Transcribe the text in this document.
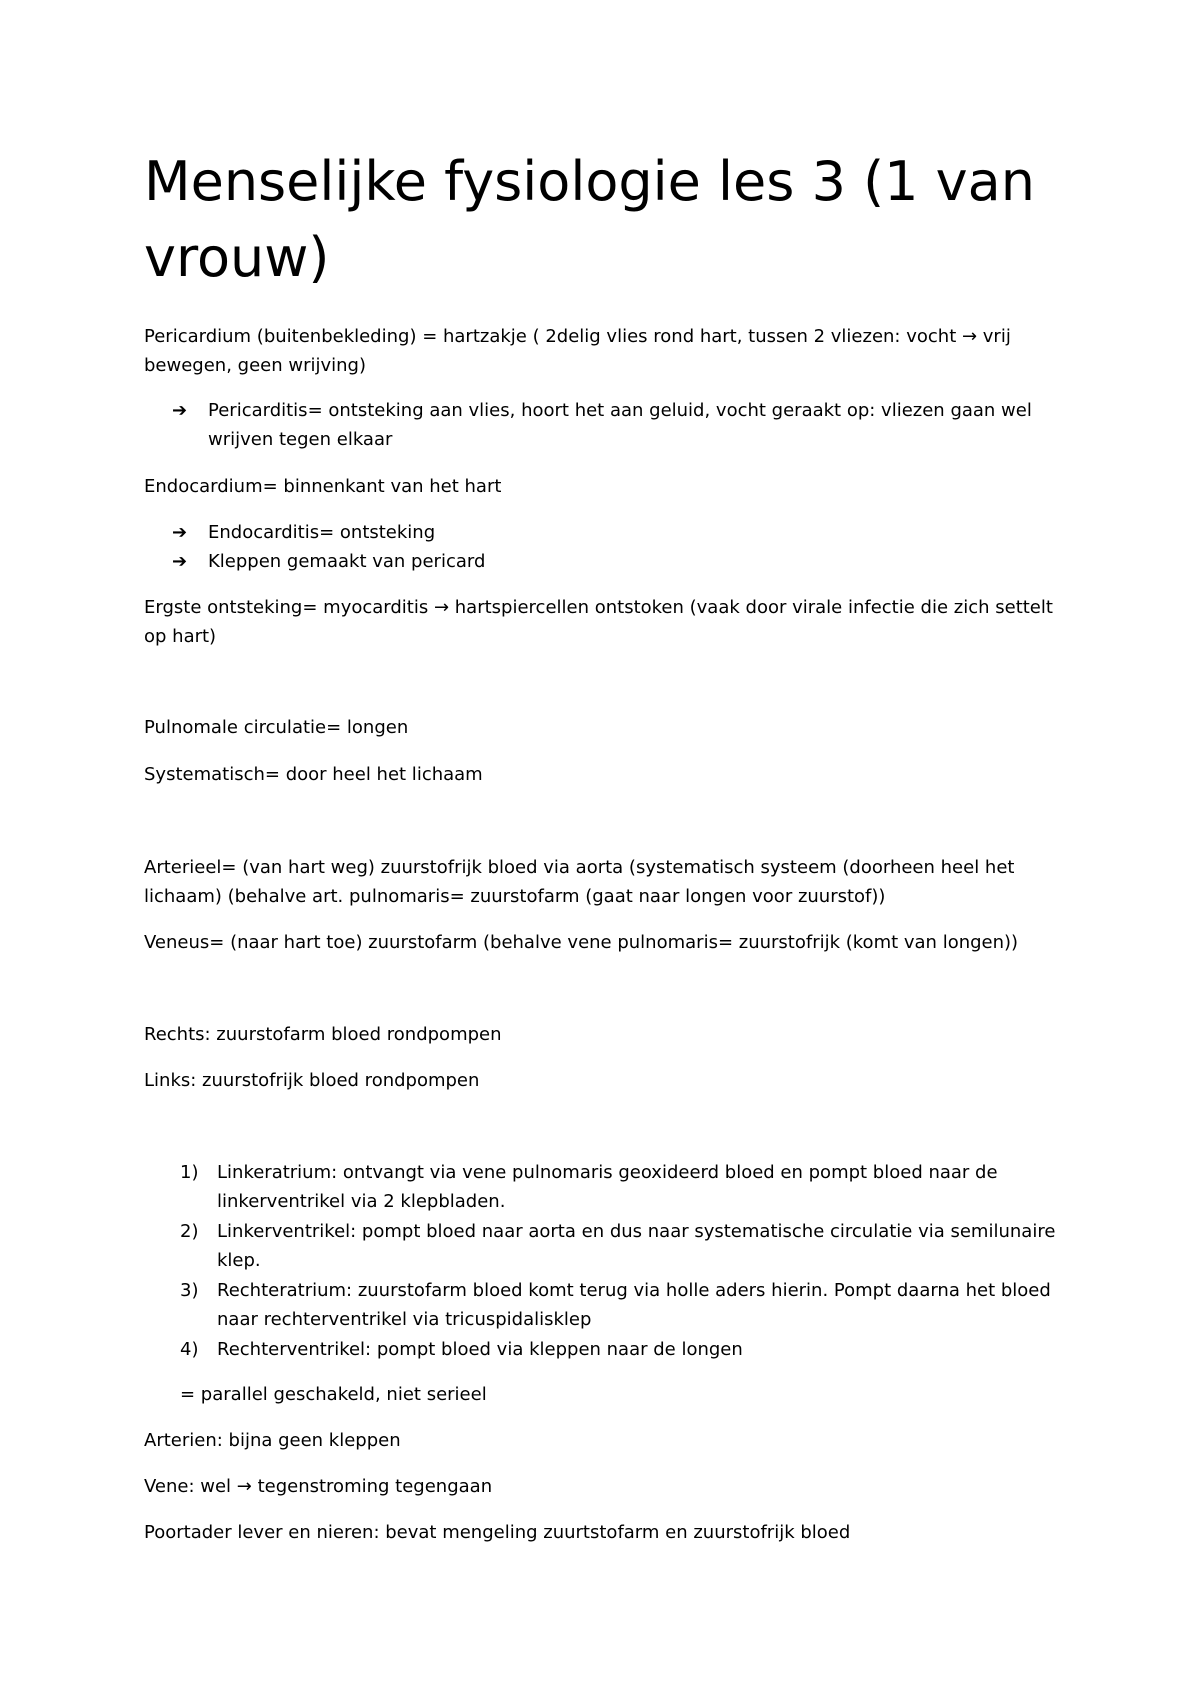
Menselijke fysiologie les 3 (1 van vrouw)

Pericardium (buitenbekleding) = hartzakje ( 2delig vlies rond hart, tussen 2 vliezen: vocht → vrij bewegen, geen wrijving)

➔ Pericarditis= ontsteking aan vlies, hoort het aan geluid, vocht geraakt op: vliezen gaan wel wrijven tegen elkaar

Endocardium= binnenkant van het hart

➔ Endocarditis= ontsteking
➔ Kleppen gemaakt van pericard

Ergste ontsteking= myocarditis → hartspiercellen ontstoken (vaak door virale infectie die zich settelt op hart)

Pulnomale circulatie= longen

Systematisch= door heel het lichaam

Arterieel= (van hart weg) zuurstofrijk bloed via aorta (systematisch systeem (doorheen heel het lichaam) (behalve art. pulnomaris= zuurstofarm (gaat naar longen voor zuurstof))

Veneus= (naar hart toe) zuurstofarm (behalve vene pulnomaris= zuurstofrijk (komt van longen))

Rechts: zuurstofarm bloed rondpompen

Links: zuurstofrijk bloed rondpompen

1) Linkeratrium: ontvangt via vene pulnomaris geoxideerd bloed en pompt bloed naar de linkerventrikel via 2 klepbladen.
2) Linkerventrikel: pompt bloed naar aorta en dus naar systematische circulatie via semilunaire klep.
3) Rechteratrium: zuurstofarm bloed komt terug via holle aders hierin. Pompt daarna het bloed naar rechterventrikel via tricuspidalisklep
4) Rechterventrikel: pompt bloed via kleppen naar de longen

= parallel geschakeld, niet serieel

Arterien: bijna geen kleppen

Vene: wel → tegenstroming tegengaan

Poortader lever en nieren: bevat mengeling zuurtstofarm en zuurstofrijk bloed
